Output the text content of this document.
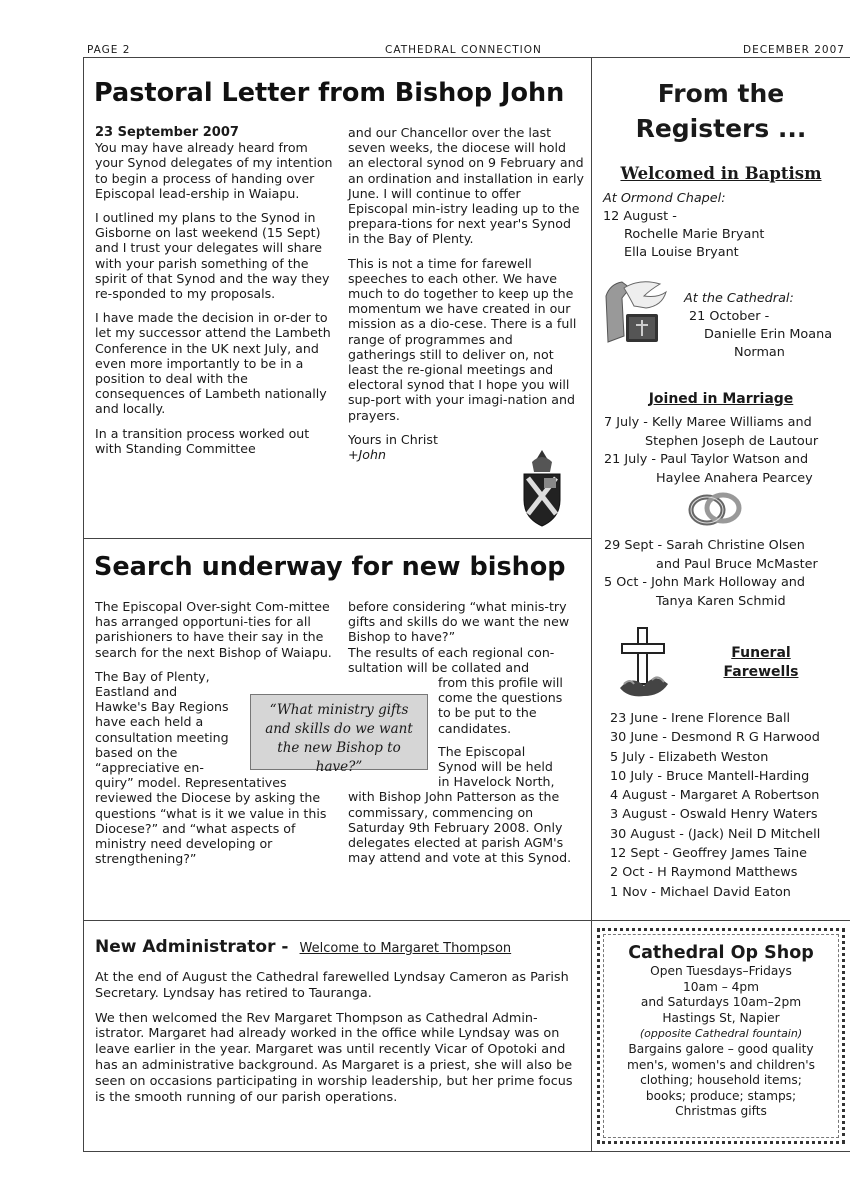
PAGE 2	CATHEDRAL CONNECTION	DECEMBER 2007
Pastoral Letter from Bishop John
23 September 2007

You may have already heard from your Synod delegates of my intention to begin a process of handing over Episcopal lead-ership in Waiapu.

I outlined my plans to the Synod in Gisborne on last weekend (15 Sept) and I trust your delegates will share with your parish something of the spirit of that Synod and the way they re-sponded to my proposals.

I have made the decision in or-der to let my successor attend the Lambeth Conference in the UK next July, and even more importantly to be in a position to deal with the consequences of Lambeth nationally and locally.

In a transition process worked out with Standing Committee

and our Chancellor over the last seven weeks, the diocese will hold an electoral synod on 9 February and an ordination and installation in early June. I will continue to offer Episcopal min-istry leading up to the prepara-tions for next year's Synod in the Bay of Plenty.

This is not a time for farewell speeches to each other. We have much to do together to keep up the momentum we have created in our mission as a dio-cese. There is a full range of programmes and gatherings still to deliver on, not least the re-gional meetings and electoral synod that I hope you will sup-port with your imagi-nation and prayers.

Yours in Christ
+John
Search underway for new bishop

The Episcopal Over-sight Com-mittee has arranged opportuni-ties for all parishioners to have their say in the search for the next Bishop of Waiapu.

The Bay of Plenty,
Eastland and
Hawke's Bay Regions
have each held a
consultation meeting
based on the
“appreciative en-

quiry” model. Representatives reviewed the Diocese by asking the questions “what is it we value in this Diocese?” and “what aspects of ministry need developing or strengthening?”

before considering “what minis-try gifts and skills do we want the new Bishop to have?”
The results of each regional con-
sultation will be collated and
from this profile will
come the questions
to be put to the
candidates.
The Episcopal
Synod will be held
in Havelock North,
with Bishop John Patterson as the commissary, commencing on Saturday 9th February 2008. Only delegates elected at parish AGM's may attend and vote at this Synod.
“What ministry gifts and skills do we want the new Bishop to have?”
New Administrator - Welcome to Margaret Thompson

At the end of August the Cathedral farewelled Lyndsay Cameron as Parish Secretary. Lyndsay has retired to Tauranga.

We then welcomed the Rev Margaret Thompson as Cathedral Admin-istrator. Margaret had already worked in the office while Lyndsay was on leave earlier in the year. Margaret was until recently Vicar of Opotoki and has an administrative background. As Margaret is a priest, she will also be seen on occasions participating in worship leadership, but her prime focus is the smooth running of our parish operations.

From the
Registers ...
Welcomed in Baptism
At Ormond Chapel:
12 August -
Rochelle Marie Bryant
Ella Louise Bryant
At the Cathedral:
21 October -
Danielle Erin Moana
Norman
Joined in Marriage
7 July - Kelly Maree Williams and
Stephen Joseph de Lautour
21 July - Paul Taylor Watson and
Haylee Anahera Pearcey
29 Sept - Sarah Christine Olsen
and Paul Bruce McMaster
5 Oct - John Mark Holloway and
Tanya Karen Schmid
Funeral
Farewells
23 June - Irene Florence Ball
30 June - Desmond R G Harwood
5 July - Elizabeth Weston
10 July - Bruce Mantell-Harding
4 August - Margaret A Robertson
3 August - Oswald Henry Waters
30 August - (Jack) Neil D Mitchell
12 Sept - Geoffrey James Taine
2 Oct - H Raymond Matthews
1 Nov - Michael David Eaton
Cathedral Op Shop
Open Tuesdays–Fridays
10am – 4pm
and Saturdays 10am–2pm
Hastings St, Napier
(opposite Cathedral fountain)
Bargains galore – good quality
men's, women's and children's
clothing; household items;
books; produce; stamps;
Christmas gifts
